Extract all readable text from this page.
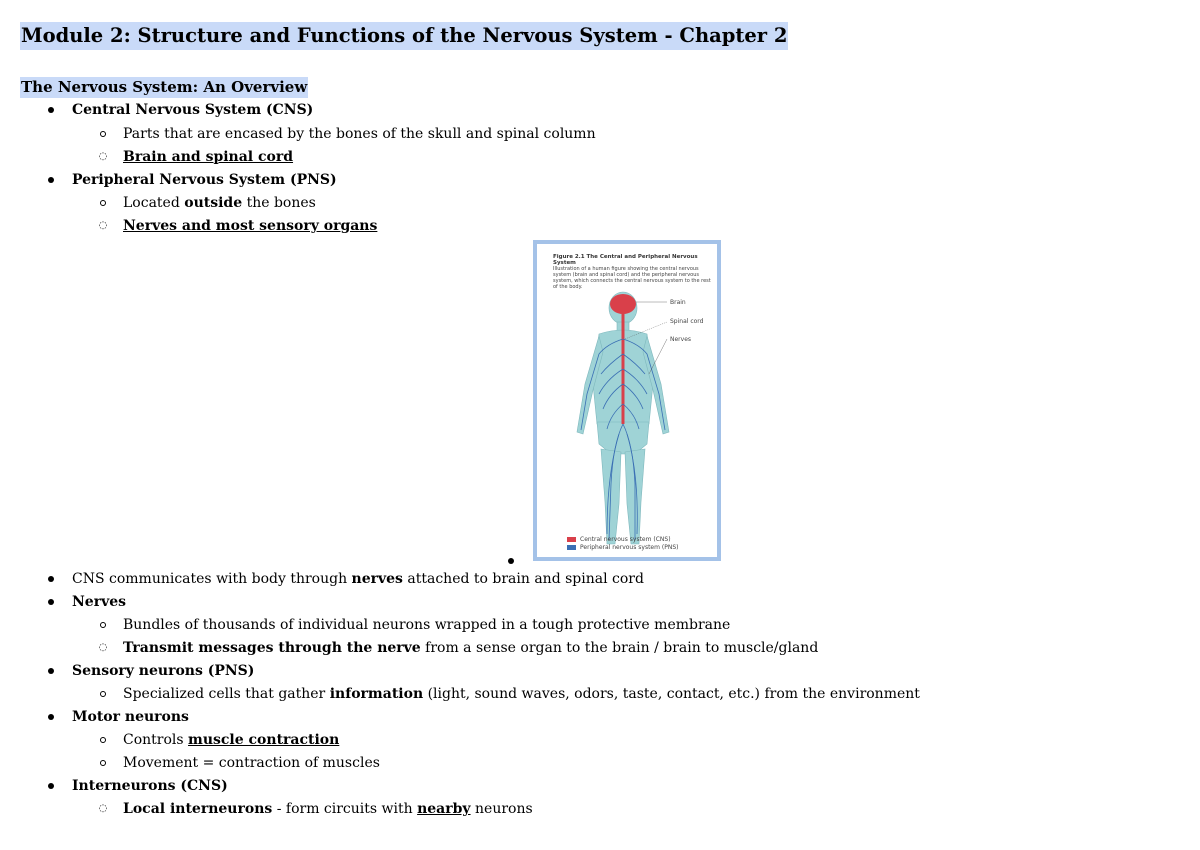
Module 2: Structure and Functions of the Nervous System - Chapter 2
The Nervous System: An Overview
Central Nervous System (CNS)
Parts that are encased by the bones of the skull and spinal column
◌ Brain and spinal cord
Peripheral Nervous System (PNS)
Located outside the bones
◌ Nerves and most sensory organs
Figure 2.1 The Central and Peripheral Nervous System
Illustration of a human figure showing the central nervous system (brain and spinal cord) and the peripheral nervous system, which connects the central nervous system to the rest of the body.
Brain
Spinal cord
Nerves
Central nervous system (CNS)
Peripheral nervous system (PNS)
CNS communicates with body through nerves attached to brain and spinal cord
Nerves
Bundles of thousands of individual neurons wrapped in a tough protective membrane
◌ Transmit messages through the nerve from a sense organ to the brain / brain to muscle/gland
Sensory neurons (PNS)
Specialized cells that gather information (light, sound waves, odors, taste, contact, etc.) from the environment
Motor neurons
Controls muscle contraction
Movement = contraction of muscles
Interneurons (CNS)
◌ Local interneurons - form circuits with nearby neurons
